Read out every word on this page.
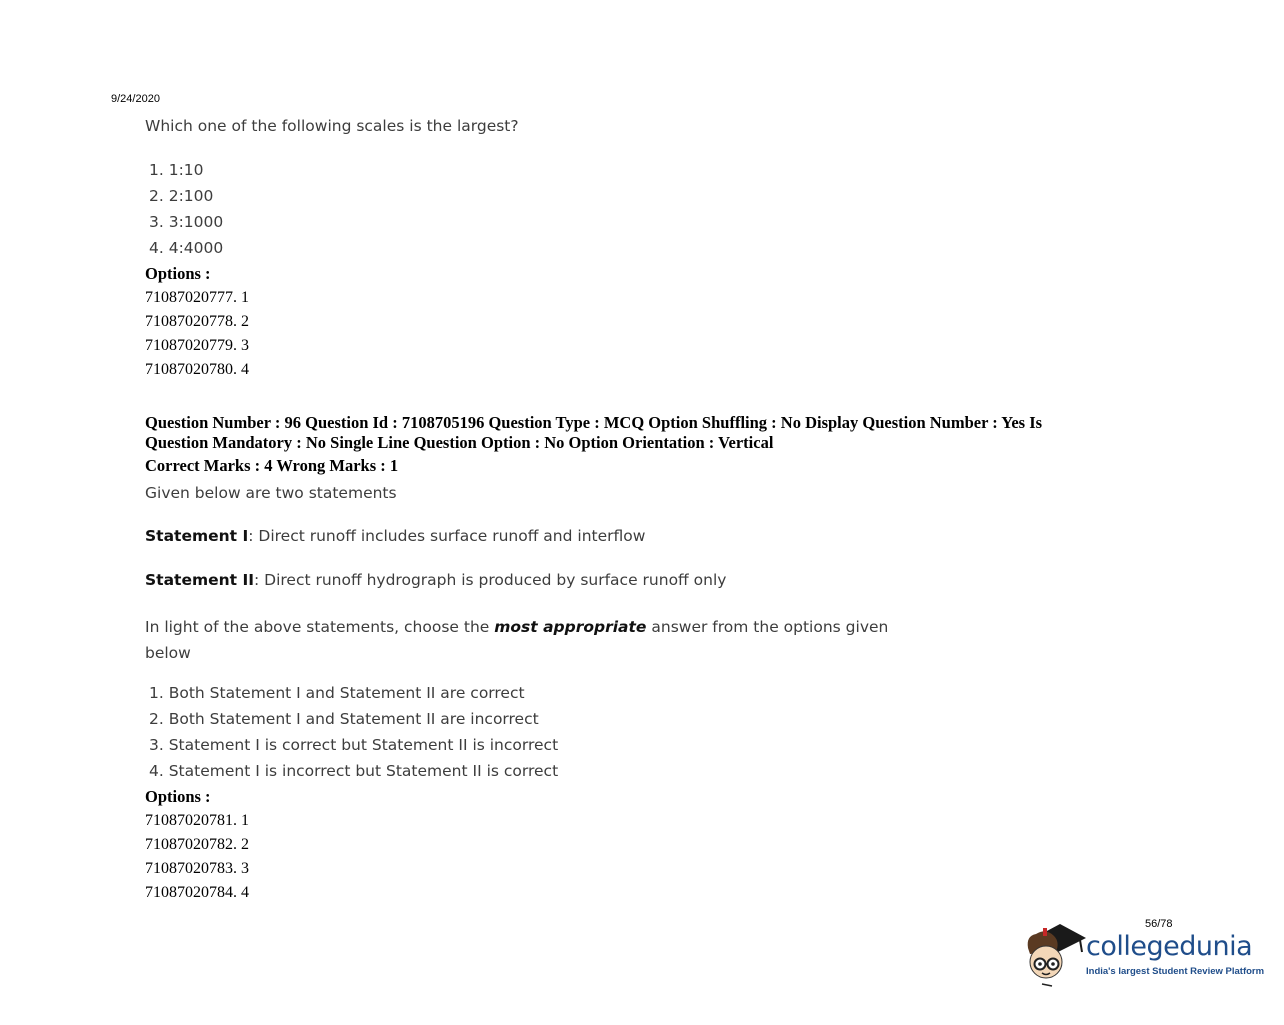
9/24/2020
Which one of the following scales is the largest?
1. 1:10
2. 2:100
3. 3:1000
4. 4:4000
Options :
71087020777. 1
71087020778. 2
71087020779. 3
71087020780. 4
Question Number : 96 Question Id : 7108705196 Question Type : MCQ Option Shuffling : No Display Question Number : Yes Is Question Mandatory : No Single Line Question Option : No Option Orientation : Vertical
Correct Marks : 4 Wrong Marks : 1
Given below are two statements
Statement I: Direct runoff includes surface runoff and interflow
Statement II: Direct runoff hydrograph is produced by surface runoff only
In light of the above statements, choose the most appropriate answer from the options given below
1. Both Statement I and Statement II are correct
2. Both Statement I and Statement II are incorrect
3. Statement I is correct but Statement II is incorrect
4. Statement I is incorrect but Statement II is correct
Options :
71087020781. 1
71087020782. 2
71087020783. 3
71087020784. 4
56/78
collegedunia
India's largest Student Review Platform
